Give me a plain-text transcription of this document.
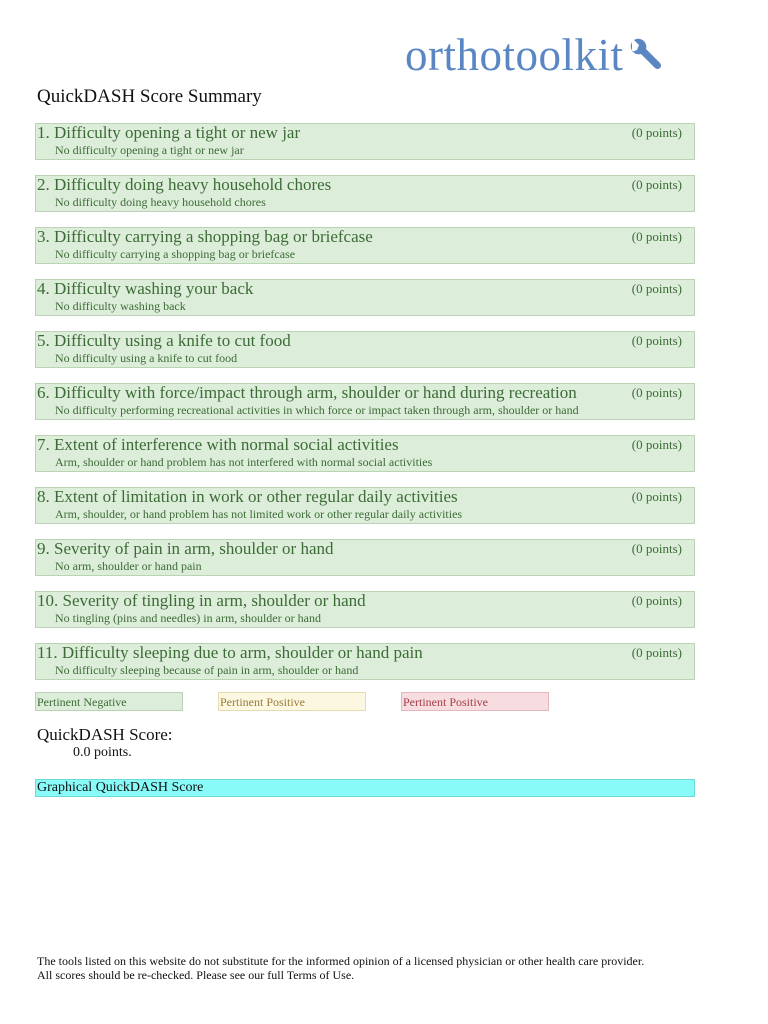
orthotoolkit
QuickDASH Score Summary
1. Difficulty opening a tight or new jar	(0 points)
No difficulty opening a tight or new jar
2. Difficulty doing heavy household chores	(0 points)
No difficulty doing heavy household chores
3. Difficulty carrying a shopping bag or briefcase	(0 points)
No difficulty carrying a shopping bag or briefcase
4. Difficulty washing your back	(0 points)
No difficulty washing back
5. Difficulty using a knife to cut food	(0 points)
No difficulty using a knife to cut food
6. Difficulty with force/impact through arm, shoulder or hand during recreation	(0 points)
No difficulty performing recreational activities in which force or impact taken through arm, shoulder or hand
7. Extent of interference with normal social activities	(0 points)
Arm, shoulder or hand problem has not interfered with normal social activities
8. Extent of limitation in work or other regular daily activities	(0 points)
Arm, shoulder, or hand problem has not limited work or other regular daily activities
9. Severity of pain in arm, shoulder or hand	(0 points)
No arm, shoulder or hand pain
10. Severity of tingling in arm, shoulder or hand	(0 points)
No tingling (pins and needles) in arm, shoulder or hand
11. Difficulty sleeping due to arm, shoulder or hand pain	(0 points)
No difficulty sleeping because of pain in arm, shoulder or hand
Pertinent Negative	Pertinent Positive	Pertinent Positive
QuickDASH Score:
0.0 points.
Graphical QuickDASH Score
The tools listed on this website do not substitute for the informed opinion of a licensed physician or other health care provider.
All scores should be re-checked. Please see our full Terms of Use.
